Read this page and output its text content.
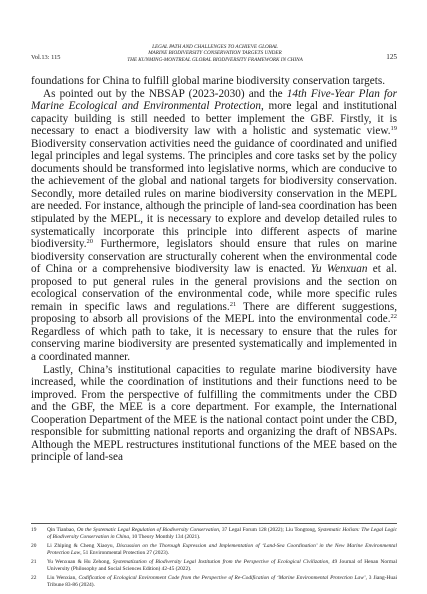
Vol.13: 115
LEGAL PATH AND CHALLENGES TO ACHIEVE GLOBAL
MARINE BIODIVERSITY CONSERVATION TARGETS UNDER
THE KUNMING-MONTREAL GLOBAL BIODIVERSITY FRAMEWORK IN CHINA	125

foundations for China to fulfill global marine biodiversity conservation targets.

As pointed out by the NBSAP (2023-2030) and the 14th Five-Year Plan for Marine Ecological and Environmental Protection, more legal and institutional capacity building is still needed to better implement the GBF. Firstly, it is necessary to enact a biodiversity law with a holistic and systematic view.$^{19}$ Biodiversity conservation activities need the guidance of coordinated and unified legal principles and legal systems. The principles and core tasks set by the policy documents should be transformed into legislative norms, which are conducive to the achievement of the global and national targets for biodiversity conservation. Secondly, more detailed rules on marine biodiversity conservation in the MEPL are needed. For instance, although the principle of land-sea coordination has been stipulated by the MEPL, it is necessary to explore and develop detailed rules to systematically incorporate this principle into different aspects of marine biodiversity.$^{20}$ Furthermore, legislators should ensure that rules on marine biodiversity conservation are structurally coherent when the environmental code of China or a comprehensive biodiversity law is enacted. Yu Wenxuan et al. proposed to put general rules in the general provisions and the section on ecological conservation of the environmental code, while more specific rules remain in specific laws and regulations.$^{21}$ There are different suggestions, proposing to absorb all provisions of the MEPL into the environmental code.$^{22}$ Regardless of which path to take, it is necessary to ensure that the rules for conserving marine biodiversity are presented systematically and implemented in a coordinated manner.

Lastly, China’s institutional capacities to regulate marine biodiversity have increased, while the coordination of institutions and their functions need to be improved. From the perspective of fulfilling the commitments under the CBD and the GBF, the MEE is a core department. For example, the International Cooperation Department of the MEE is the national contact point under the CBD, responsible for submitting national reports and organizing the draft of NBSAPs. Although the MEPL restructures institutional functions of the MEE based on the principle of land-sea

19 Qin Tianbao, On the Systematic Legal Regulation of Biodiversity Conservation, 37 Legal Forum 128 (2022); Liu Tongtong, Systematic Holism: The Legal Logic of Biodiversity Conservation in China, 10 Theory Monthly 134 (2021).
20 Li Zhiping & Cheng Xiaoyu, Discussion on the Thorough Expression and Implementation of ‘Land-Sea Coordination’ in the New Marine Environmental Protection Law, 51 Environmental Protection 27 (2023).
21 Yu Wenxuan & Hu Zehong, Systematization of Biodiversity Legal Institution from the Perspective of Ecological Civilization, 49 Journal of Henan Normal University (Philosophy and Social Sciences Edition) 42-45 (2022).
22 Liu Wenxian, Codification of Ecological Environment Code from the Perspective of Re-Codification of ‘Marine Environmental Protection Law’, 3 Jiang-Huai Tribune 83-86 (2024).
